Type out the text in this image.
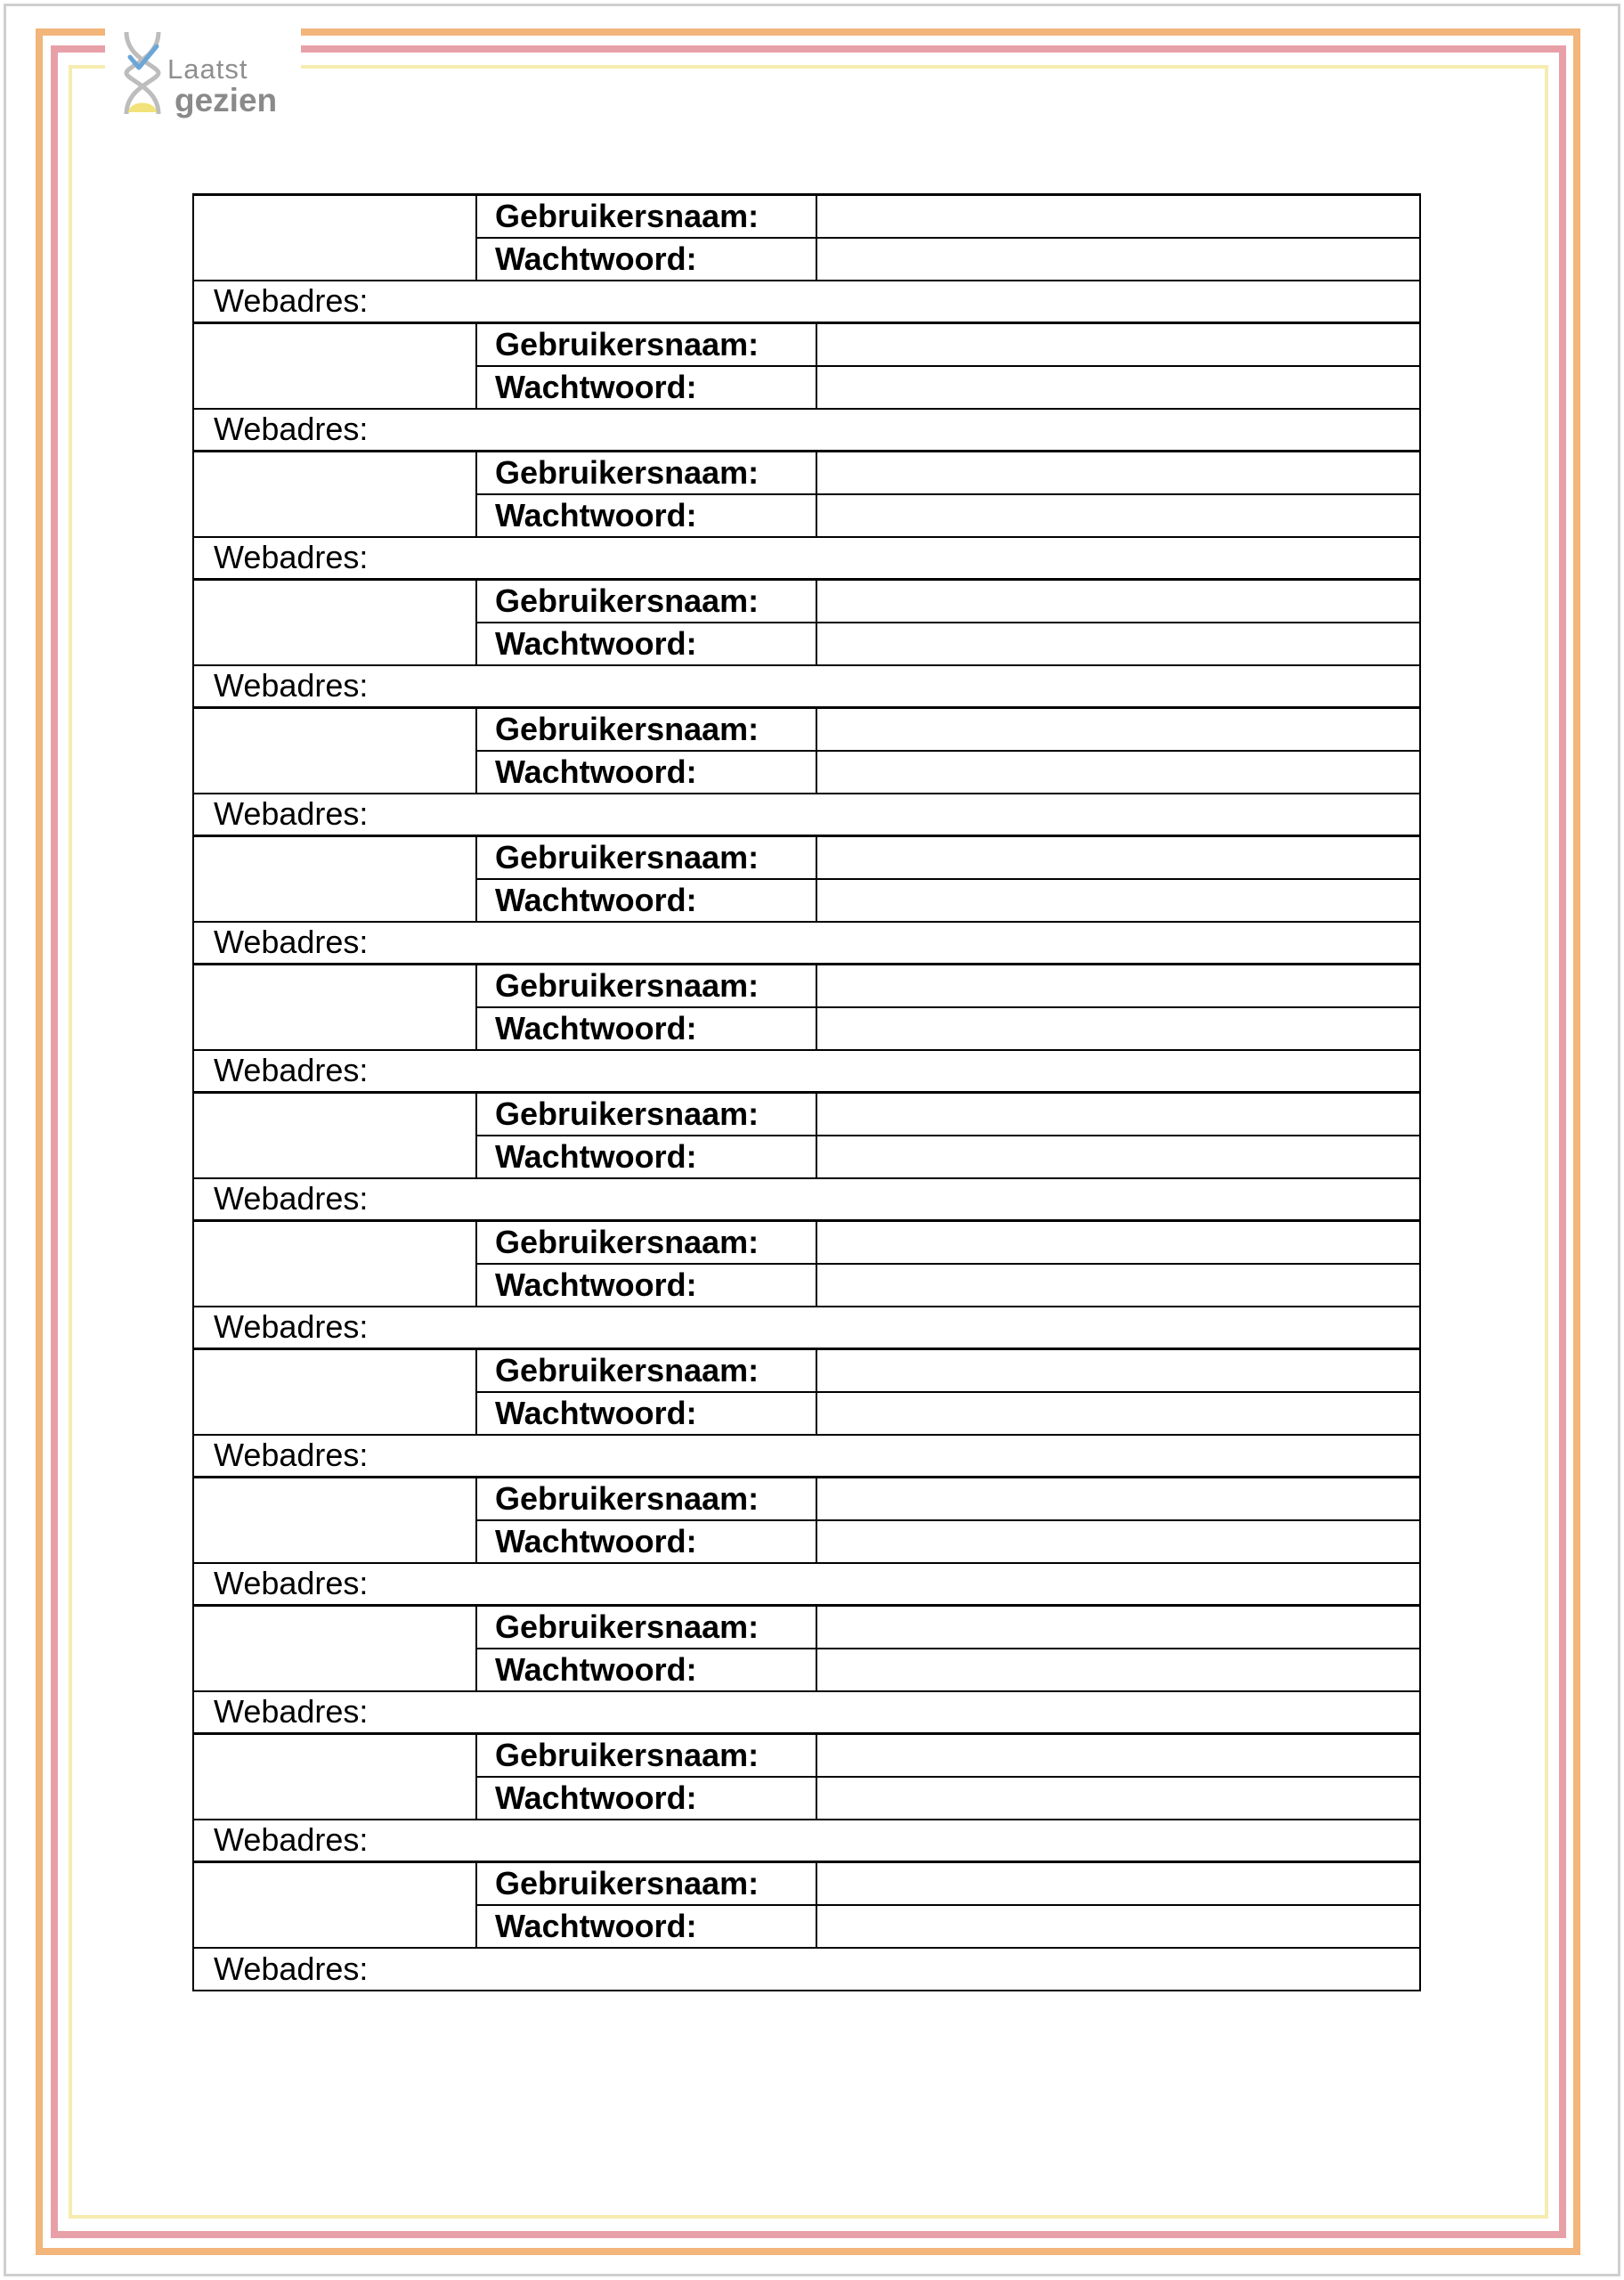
Laatst
gezien
	Gebruikersnaam:	
	Wachtwoord:	
Webadres:		
	Gebruikersnaam:	
	Wachtwoord:	
Webadres:		
	Gebruikersnaam:	
	Wachtwoord:	
Webadres:		
	Gebruikersnaam:	
	Wachtwoord:	
Webadres:		
	Gebruikersnaam:	
	Wachtwoord:	
Webadres:		
	Gebruikersnaam:	
	Wachtwoord:	
Webadres:		
	Gebruikersnaam:	
	Wachtwoord:	
Webadres:		
	Gebruikersnaam:	
	Wachtwoord:	
Webadres:		
	Gebruikersnaam:	
	Wachtwoord:	
Webadres:		
	Gebruikersnaam:	
	Wachtwoord:	
Webadres:		
	Gebruikersnaam:	
	Wachtwoord:	
Webadres:		
	Gebruikersnaam:	
	Wachtwoord:	
Webadres:		
	Gebruikersnaam:	
	Wachtwoord:	
Webadres:		
	Gebruikersnaam:	
	Wachtwoord:	
Webadres:		
